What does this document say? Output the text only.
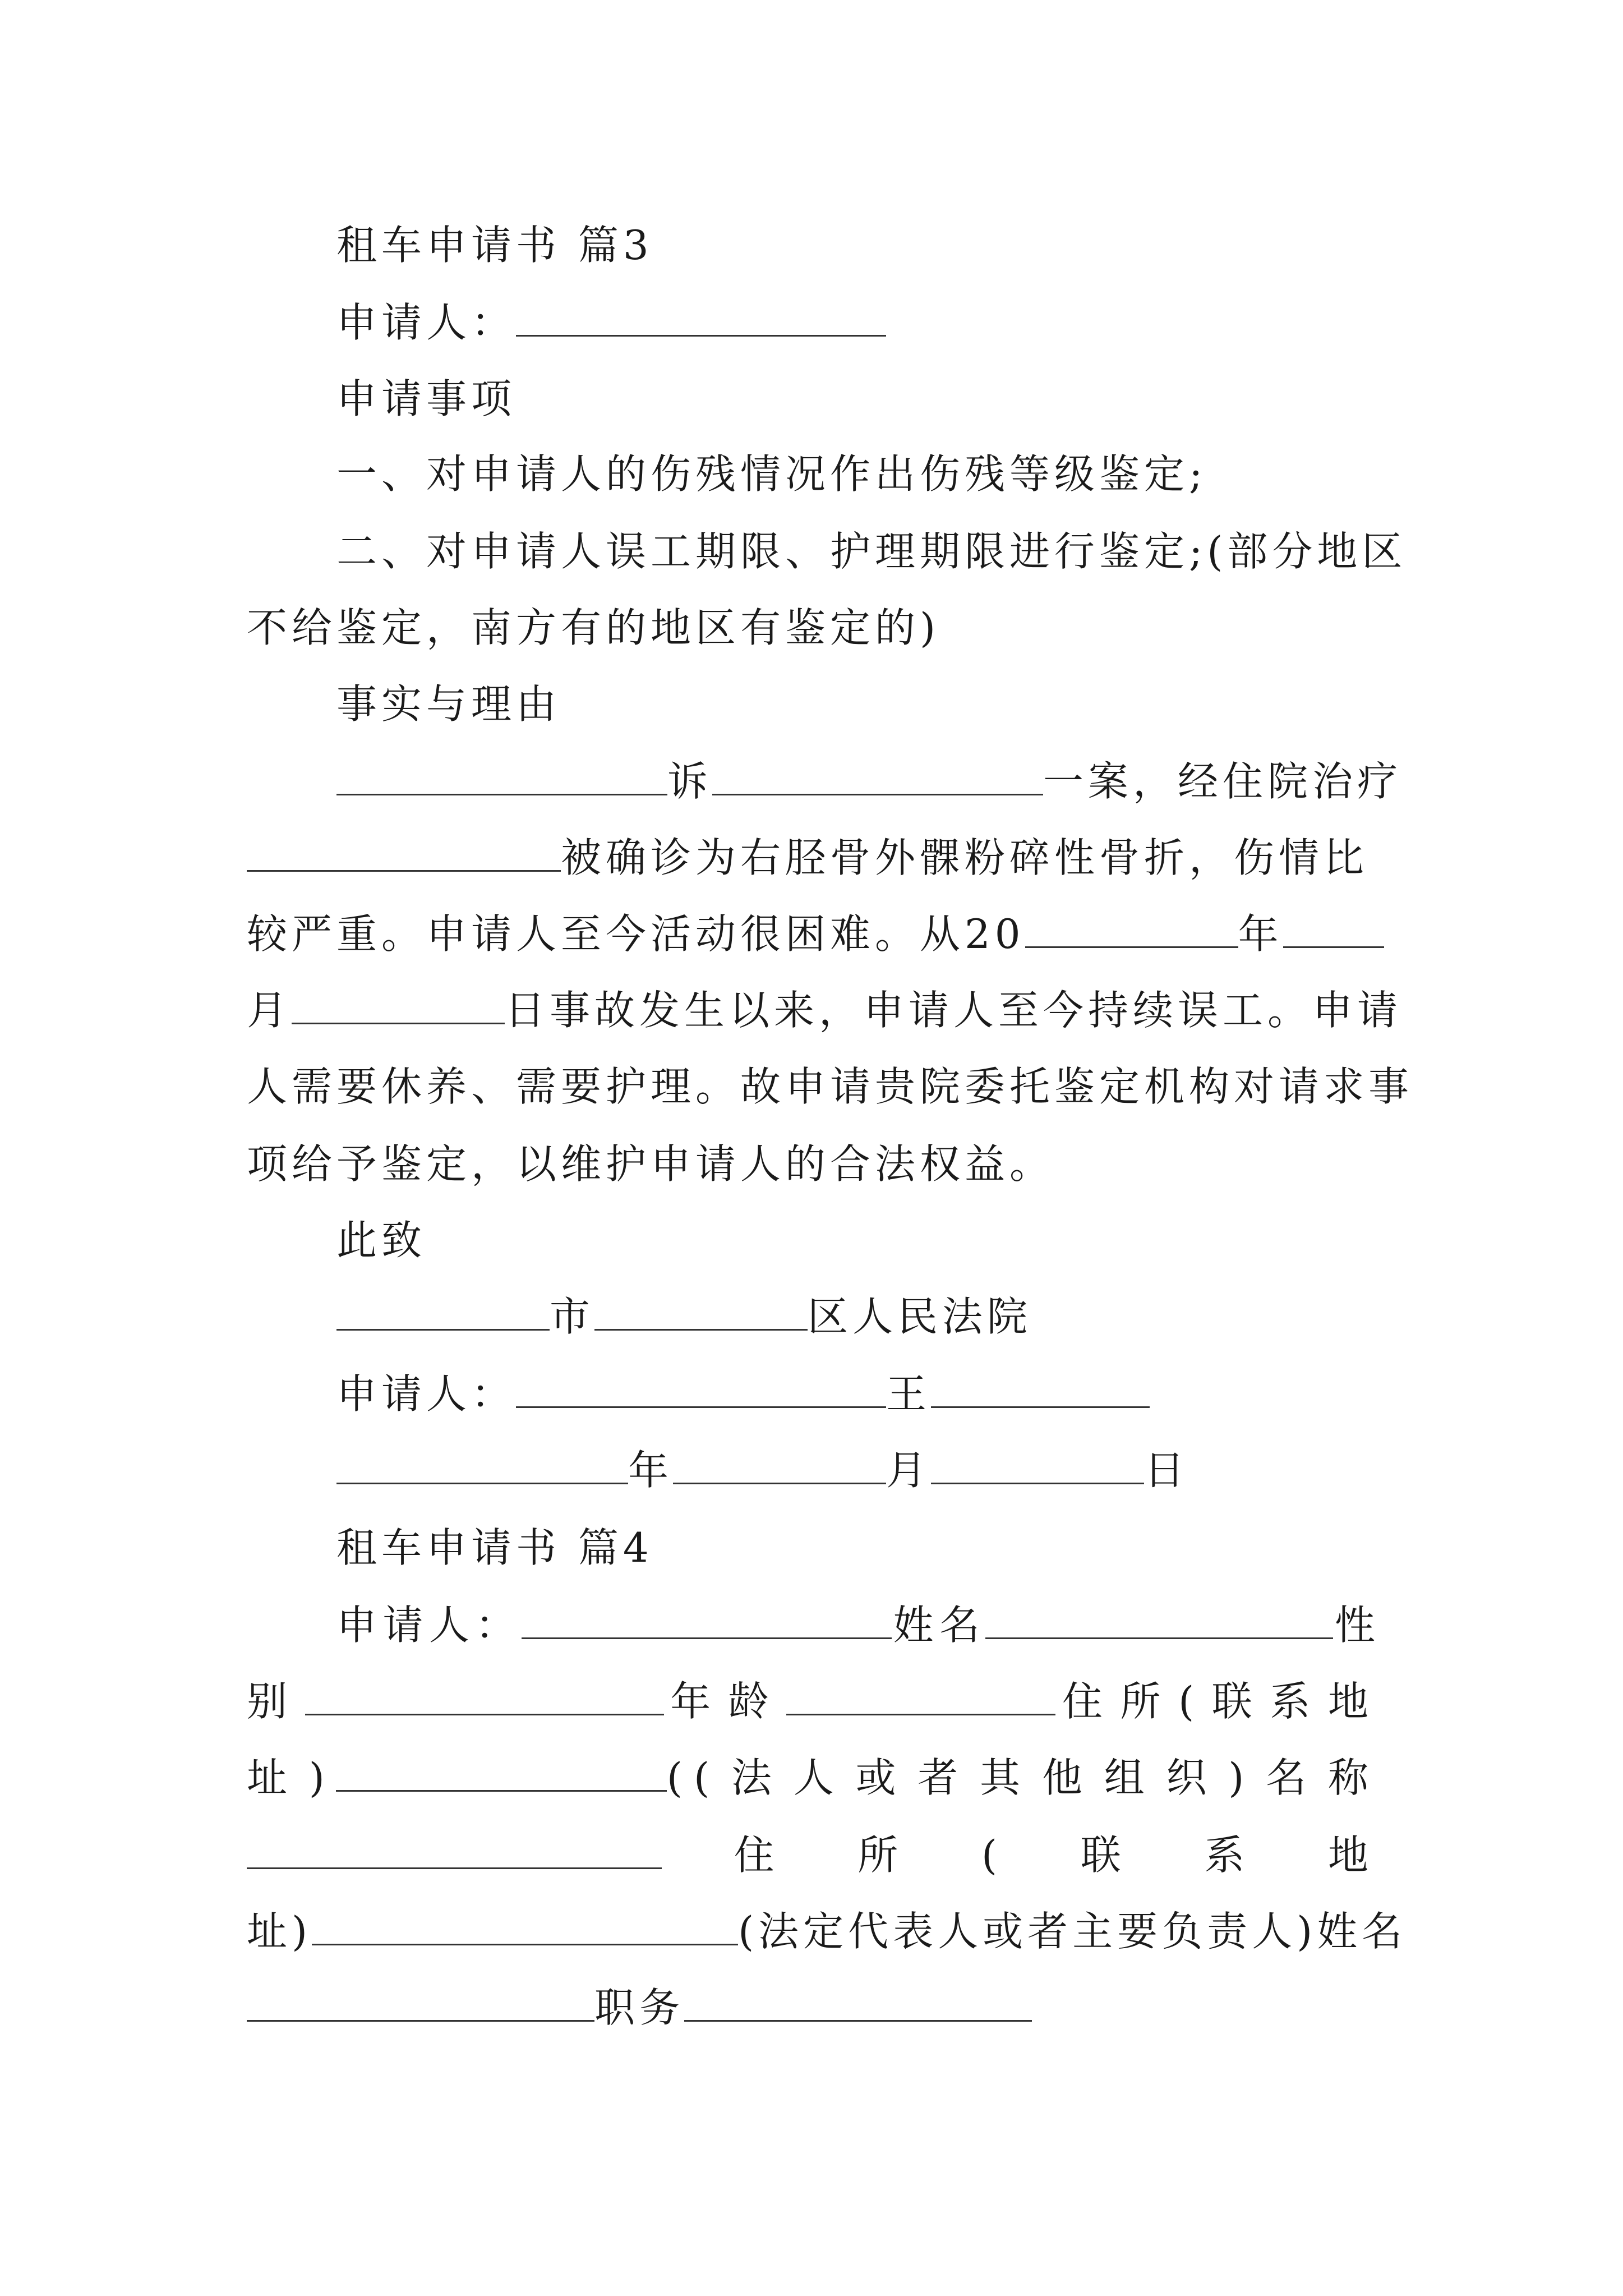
租车申请书 篇3
申请人：
申请事项
一、对申请人的伤残情况作出伤残等级鉴定;
二、对申请人误工期限、护理期限进行鉴定;(部分地区
不给鉴定，南方有的地区有鉴定的)
事实与理由
诉	一案，经住院治疗
被确诊为右胫骨外髁粉碎性骨折，伤情比
较严重。申请人至今活动很困难。从20	年
月	日事故发生以来，申请人至今持续误工。申请
人需要休养、需要护理。故申请贵院委托鉴定机构对请求事
项给予鉴定，以维护申请人的合法权益。
此致
市	区人民法院
申请人：	王
年	月	日
租车申请书 篇4
申请人：	姓名	性
别	年龄	住所(联系地
址)	((法人或者其他组织)名称
住所(联系地
址)	(法定代表人或者主要负责人)姓名
职务
